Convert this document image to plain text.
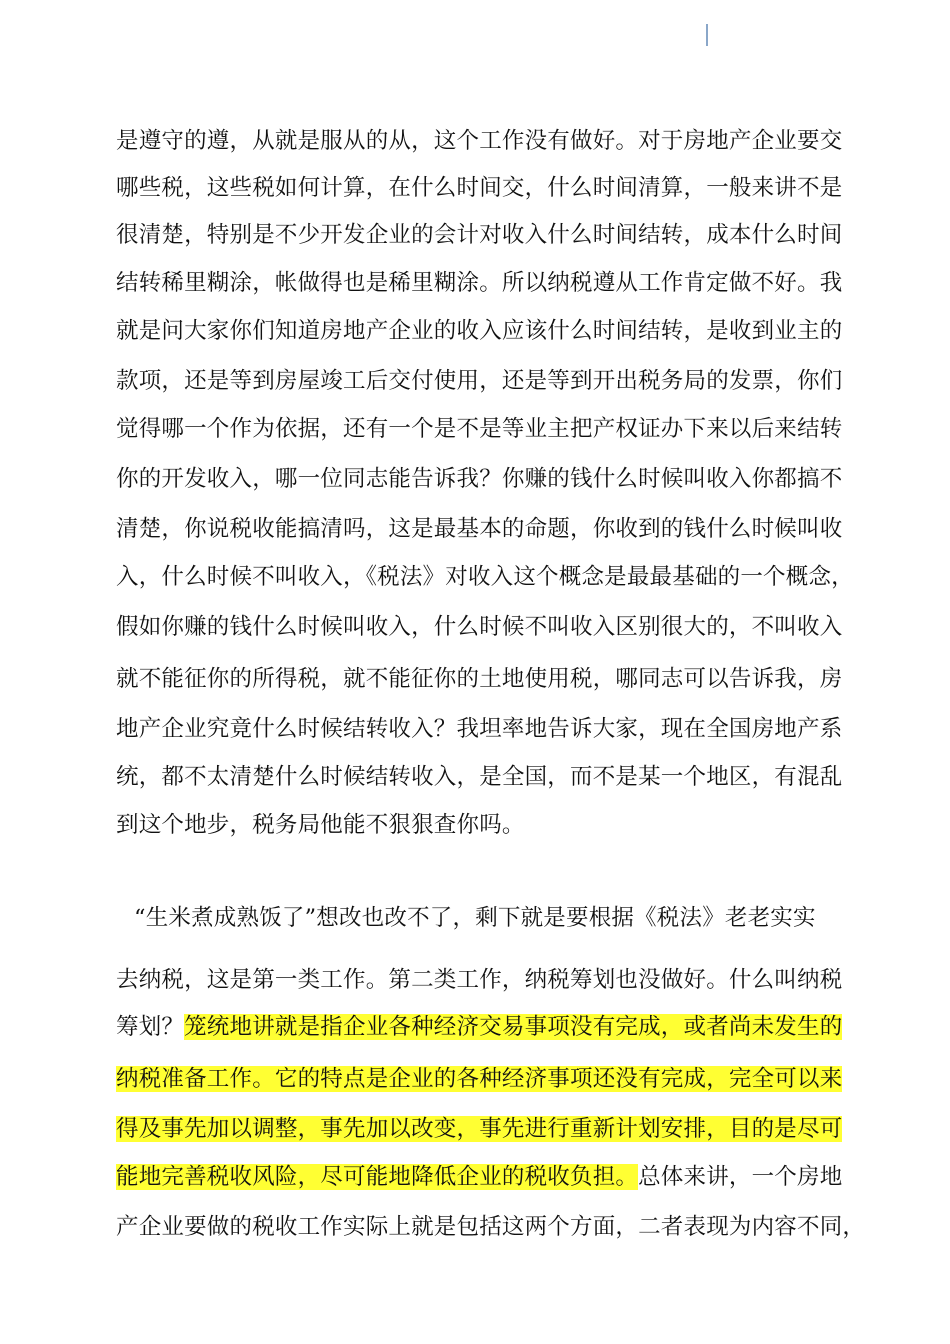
是遵守的遵，从就是服从的从，这个工作没有做好。对于房地产企业要交
哪些税，这些税如何计算，在什么时间交，什么时间清算，一般来讲不是
很清楚，特别是不少开发企业的会计对收入什么时间结转，成本什么时间
结转稀里糊涂，帐做得也是稀里糊涂。所以纳税遵从工作肯定做不好。我
就是问大家你们知道房地产企业的收入应该什么时间结转，是收到业主的
款项，还是等到房屋竣工后交付使用，还是等到开出税务局的发票，你们
觉得哪一个作为依据，还有一个是不是等业主把产权证办下来以后来结转
你的开发收入，哪一位同志能告诉我？你赚的钱什么时候叫收入你都搞不
清楚，你说税收能搞清吗，这是最基本的命题，你收到的钱什么时候叫收
入，什么时候不叫收入，《税法》对收入这个概念是最最基础的一个概念，
假如你赚的钱什么时候叫收入，什么时候不叫收入区别很大的，不叫收入
就不能征你的所得税，就不能征你的土地使用税，哪同志可以告诉我，房
地产企业究竟什么时候结转收入？我坦率地告诉大家，现在全国房地产系
统，都不太清楚什么时候结转收入，是全国，而不是某一个地区，有混乱
到这个地步，税务局他能不狠狠查你吗。
“生米煮成熟饭了”想改也改不了，剩下就是要根据《税法》老老实实
去纳税，这是第一类工作。第二类工作，纳税筹划也没做好。什么叫纳税
筹划？笼统地讲就是指企业各种经济交易事项没有完成，或者尚未发生的
纳税准备工作。它的特点是企业的各种经济事项还没有完成，完全可以来
得及事先加以调整，事先加以改变，事先进行重新计划安排，目的是尽可
能地完善税收风险，尽可能地降低企业的税收负担。总体来讲，一个房地
产企业要做的税收工作实际上就是包括这两个方面，二者表现为内容不同，
